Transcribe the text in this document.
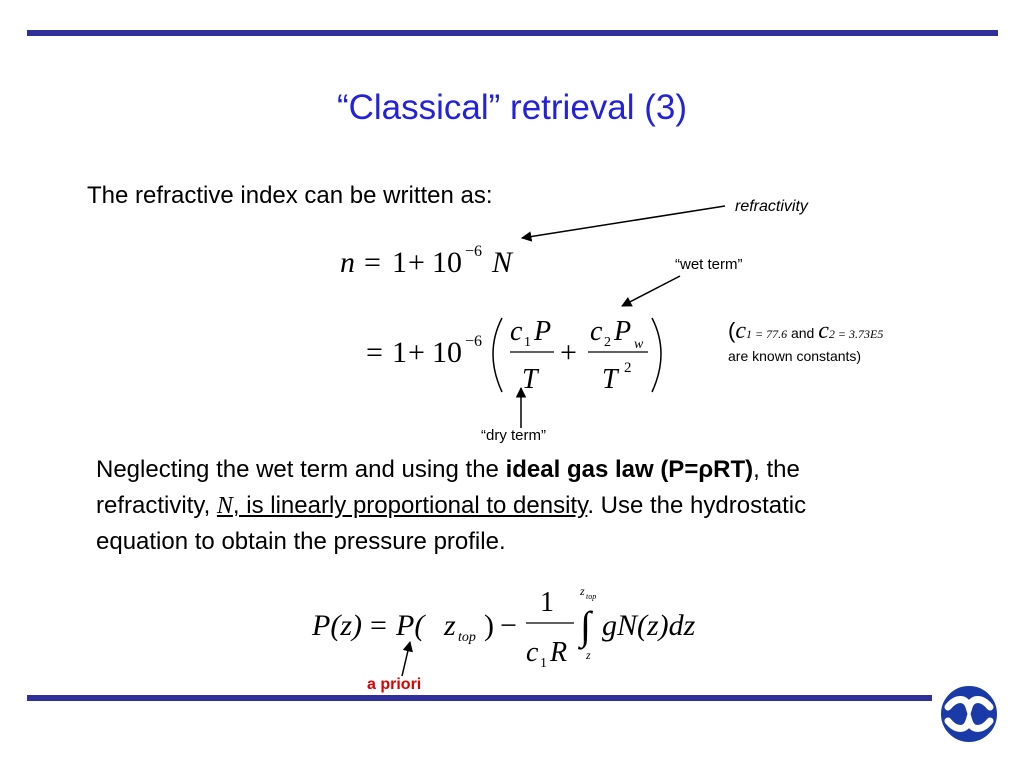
“Classical” retrieval (3)
The refractive index can be written as:	refractivity
“wet term”
“dry term”
a priori
n = 1 + 10 −6 N
= 1 + 10 −6 c 1 P
T
+
c 2 P w
T 2
(c1 = 77.6 and c2 = 3.73E5
are known constants)
Neglecting the wet term and using the ideal gas law (P=ρRT), the refractivity, N, is linearly proportional to density. Use the hydrostatic equation to obtain the pressure profile.
P(z) = P( z top ) −
1
c 1 R
z top
∫
z
gN(z)dz
